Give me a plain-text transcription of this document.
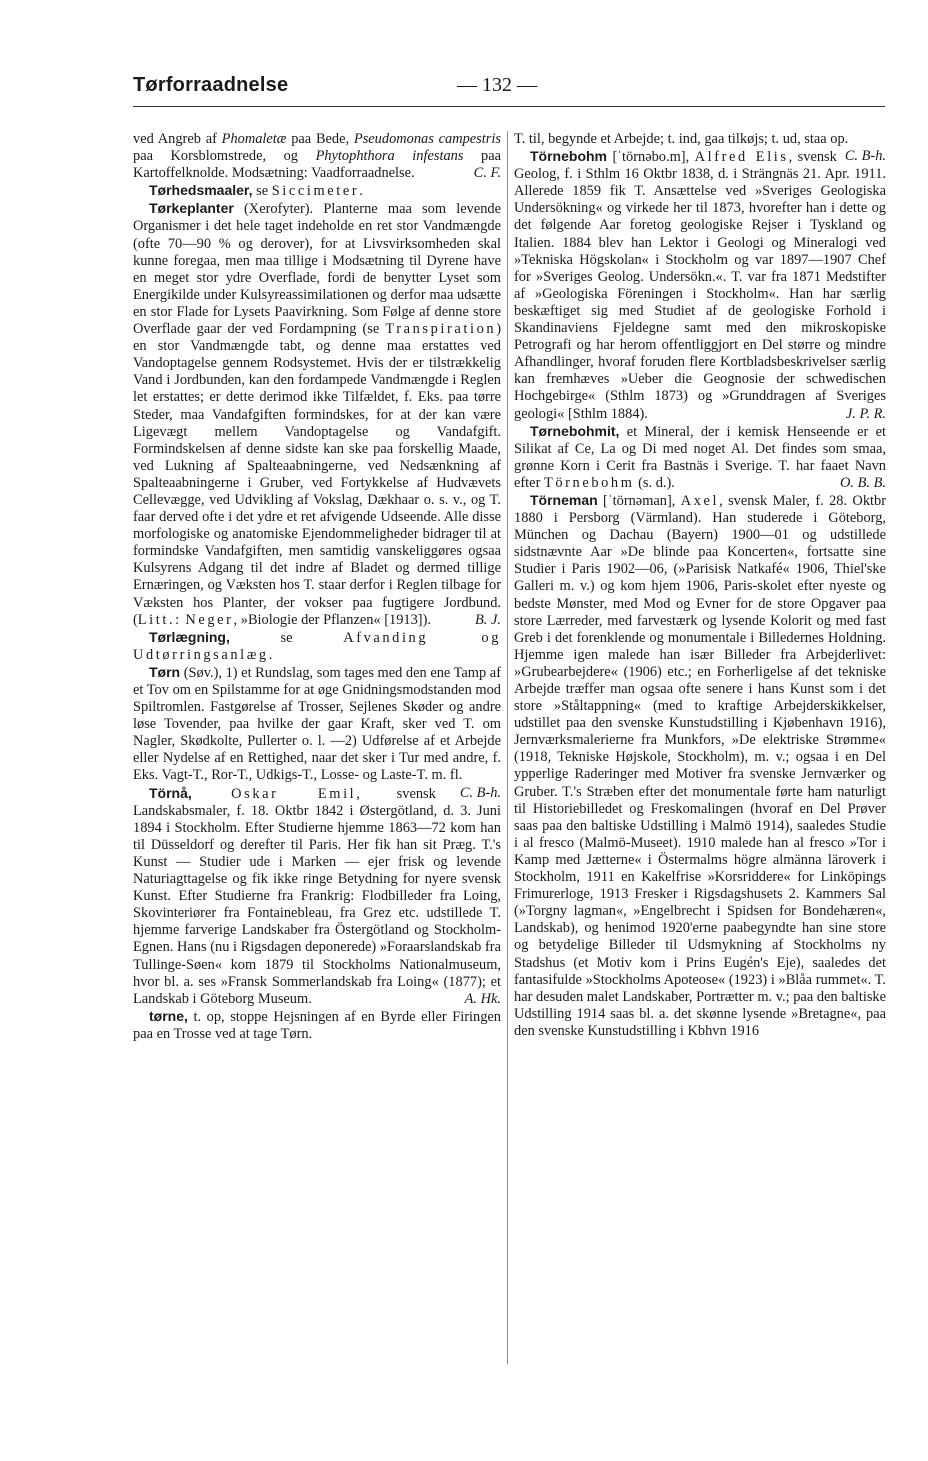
Tørforraadnelse	— 132 —

ved Angreb af Phomaletæ paa Bede, Pseudomonas campestris paa Korsblomstrede, og Phytophthora infestans paa Kartoffelknolde. Modsætning: Vaadforraadnelse.	C. F.

Tørhedsmaaler, se Siccimeter.

Tørkeplanter (Xerofyter). Planterne maa som levende Organismer i det hele taget indeholde en ret stor Vandmængde (ofte 70—90 % og derover), for at Livsvirksomheden skal kunne foregaa, men maa tillige i Modsætning til Dyrene have en meget stor ydre Overflade, fordi de benytter Lyset som Energikilde under Kulsyreassimilationen og derfor maa udsætte en stor Flade for Lysets Paavirkning. Som Følge af denne store Overflade gaar der ved Fordampning (se Transpiration) en stor Vandmængde tabt, og denne maa erstattes ved Vandoptagelse gennem Rodsystemet. Hvis der er tilstrækkelig Vand i Jordbunden, kan den fordampede Vandmængde i Reglen let erstattes; er dette derimod ikke Tilfældet, f. Eks. paa tørre Steder, maa Vandafgiften formindskes, for at der kan være Ligevægt mellem Vandoptagelse og Vandafgift. Formindskelsen af denne sidste kan ske paa forskellig Maade, ved Lukning af Spalteaabningerne, ved Nedsænkning af Spalteaabningerne i Gruber, ved Fortykkelse af Hudvævets Cellevægge, ved Udvikling af Vokslag, Dækhaar o. s. v., og T. faar derved ofte i det ydre et ret afvigende Udseende. Alle disse morfologiske og anatomiske Ejendommeligheder bidrager til at formindske Vandafgiften, men samtidig vanskeliggøres ogsaa Kulsyrens Adgang til det indre af Bladet og dermed tillige Ernæringen, og Væksten hos T. staar derfor i Reglen tilbage for Væksten hos Planter, der vokser paa fugtigere Jordbund. (Litt.: Neger, »Biologie der Pflanzen« [1913]).	B. J.

Tørlægning, se Afvanding og Udtørringsanlæg.

Tørn (Søv.), 1) et Rundslag, som tages med den ene Tamp af et Tov om en Spilstamme for at øge Gnidningsmodstanden mod Spiltromlen. Fastgørelse af Trosser, Sejlenes Skøder og andre løse Tovender, paa hvilke der gaar Kraft, sker ved T. om Nagler, Skødkolte, Pullerter o. l. —2) Udførelse af et Arbejde eller Nydelse af en Rettighed, naar det sker i Tur med andre, f. Eks. Vagt-T., Ror-T., Udkigs-T., Losse- og Laste-T. m. fl.
C. B-h.

Törnå, Oskar Emil, svensk Landskabsmaler, f. 18. Oktbr 1842 i Østergötland, d. 3. Juni 1894 i Stockholm. Efter Studierne hjemme 1863—72 kom han til Düsseldorf og derefter til Paris. Her fik han sit Præg. T.'s Kunst — Studier ude i Marken — ejer frisk og levende Naturiagttagelse og fik ikke ringe Betydning for nyere svensk Kunst. Efter Studierne fra Frankrig: Flodbilleder fra Loing, Skovinteriører fra Fontainebleau, fra Grez etc. udstillede T. hjemme farverige Landskaber fra Östergötland og Stockholm-Egnen. Hans (nu i Rigsdagen deponerede) »Foraarslandskab fra Tullinge-Søen« kom 1879 til Stockholms Nationalmuseum, hvor bl. a. ses »Fransk Sommerlandskab fra Loing« (1877); et Landskab i Göteborg Museum.	A. Hk.

tørne, t. op, stoppe Hejsningen af en Byrde eller Firingen paa en Trosse ved at tage Tørn.

T. til, begynde et Arbejde; t. ind, gaa tilkøjs; t. ud, staa op.
C. B-h.

Törnebohm [ˈtörnəbo.m], Alfred Elis, svensk Geolog, f. i Sthlm 16 Oktbr 1838, d. i Strängnäs 21. Apr. 1911. Allerede 1859 fik T. Ansættelse ved »Sveriges Geologiska Undersökning« og virkede her til 1873, hvorefter han i dette og det følgende Aar foretog geologiske Rejser i Tyskland og Italien. 1884 blev han Lektor i Geologi og Mineralogi ved »Tekniska Högskolan« i Stockholm og var 1897—1907 Chef for »Sveriges Geolog. Undersökn.«. T. var fra 1871 Medstifter af »Geologiska Föreningen i Stockholm«. Han har særlig beskæftiget sig med Studiet af de geologiske Forhold i Skandinaviens Fjeldegne samt med den mikroskopiske Petrografi og har herom offentliggjort en Del større og mindre Afhandlinger, hvoraf foruden flere Kortbladsbeskrivelser særlig kan fremhæves »Ueber die Geognosie der schwedischen Hochgebirge« (Sthlm 1873) og »Grunddragen af Sveriges geologi« [Sthlm 1884).	J. P. R.

Tørnebohmit, et Mineral, der i kemisk Henseende er et Silikat af Ce, La og Di med noget Al. Det findes som smaa, grønne Korn i Cerit fra Bastnäs i Sverige. T. har faaet Navn efter Törnebohm (s. d.).	O. B. B.

Törneman [ˈtörnəman], Axel, svensk Maler, f. 28. Oktbr 1880 i Persborg (Värmland). Han studerede i Göteborg, München og Dachau (Bayern) 1900—01 og udstillede sidstnævnte Aar »De blinde paa Koncerten«, fortsatte sine Studier i Paris 1902—06, (»Parisisk Natkafé« 1906, Thiel'ske Galleri m. v.) og kom hjem 1906, Paris-skolet efter nyeste og bedste Mønster, med Mod og Evner for de store Opgaver paa store Lærreder, med farvestærk og lysende Kolorit og med fast Greb i det forenklende og monumentale i Billedernes Holdning. Hjemme igen malede han især Billeder fra Arbejderlivet: »Grubearbejdere« (1906) etc.; en Forherligelse af det tekniske Arbejde træffer man ogsaa ofte senere i hans Kunst som i det store »Ståltappning« (med to kraftige Arbejderskikkelser, udstillet paa den svenske Kunstudstilling i Kjøbenhavn 1916), Jernværksmalerierne fra Munkfors, »De elektriske Strømme« (1918, Tekniske Højskole, Stockholm), m. v.; ogsaa i en Del ypperlige Raderinger med Motiver fra svenske Jernværker og Gruber. T.'s Stræben efter det monumentale førte ham naturligt til Historiebilledet og Freskomalingen (hvoraf en Del Prøver saas paa den baltiske Udstilling i Malmö 1914), saaledes Studie i al fresco (Malmö-Museet). 1910 malede han al fresco »Tor i Kamp med Jætterne« i Östermalms högre almänna läroverk i Stockholm, 1911 en Kakelfrise »Korsriddere« for Linköpings Frimurerloge, 1913 Fresker i Rigsdagshusets 2. Kammers Sal (»Torgny lagman«, »Engelbrecht i Spidsen for Bondehæren«, Landskab), og henimod 1920'erne paabegyndte han sine store og betydelige Billeder til Udsmykning af Stockholms ny Stadshus (et Motiv kom i Prins Eugén's Eje), saaledes det fantasifulde »Stockholms Apoteose« (1923) i »Blåa rummet«. T. har desuden malet Landskaber, Portrætter m. v.; paa den baltiske Udstilling 1914 saas bl. a. det skønne lysende »Bretagne«, paa den svenske Kunstudstilling i Kbhvn 1916
